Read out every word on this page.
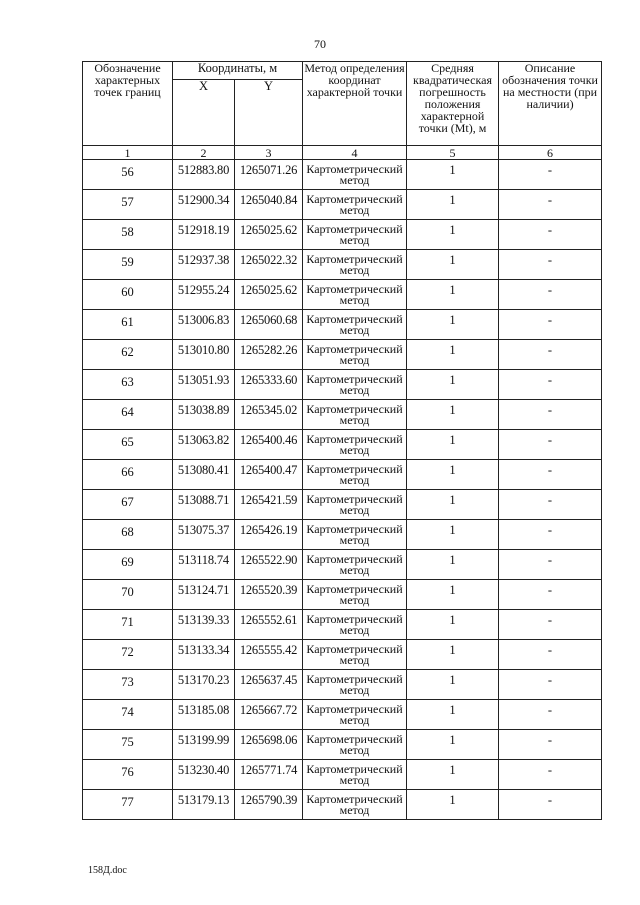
70
Обозначение характерных точек границ	Координаты, м		Метод определения координат характерной точки	Средняя квадратическая погрешность положения характерной точки (Mt), м	Описание обозначения точки на местности (при наличии)
	X	Y			
1	2	3	4	5	6
56	512883.80	1265071.26	Картометрический метод	1	-
57	512900.34	1265040.84	Картометрический метод	1	-
58	512918.19	1265025.62	Картометрический метод	1	-
59	512937.38	1265022.32	Картометрический метод	1	-
60	512955.24	1265025.62	Картометрический метод	1	-
61	513006.83	1265060.68	Картометрический метод	1	-
62	513010.80	1265282.26	Картометрический метод	1	-
63	513051.93	1265333.60	Картометрический метод	1	-
64	513038.89	1265345.02	Картометрический метод	1	-
65	513063.82	1265400.46	Картометрический метод	1	-
66	513080.41	1265400.47	Картометрический метод	1	-
67	513088.71	1265421.59	Картометрический метод	1	-
68	513075.37	1265426.19	Картометрический метод	1	-
69	513118.74	1265522.90	Картометрический метод	1	-
70	513124.71	1265520.39	Картометрический метод	1	-
71	513139.33	1265552.61	Картометрический метод	1	-
72	513133.34	1265555.42	Картометрический метод	1	-
73	513170.23	1265637.45	Картометрический метод	1	-
74	513185.08	1265667.72	Картометрический метод	1	-
75	513199.99	1265698.06	Картометрический метод	1	-
76	513230.40	1265771.74	Картометрический метод	1	-
77	513179.13	1265790.39	Картометрический метод	1	-
158Д.doc
